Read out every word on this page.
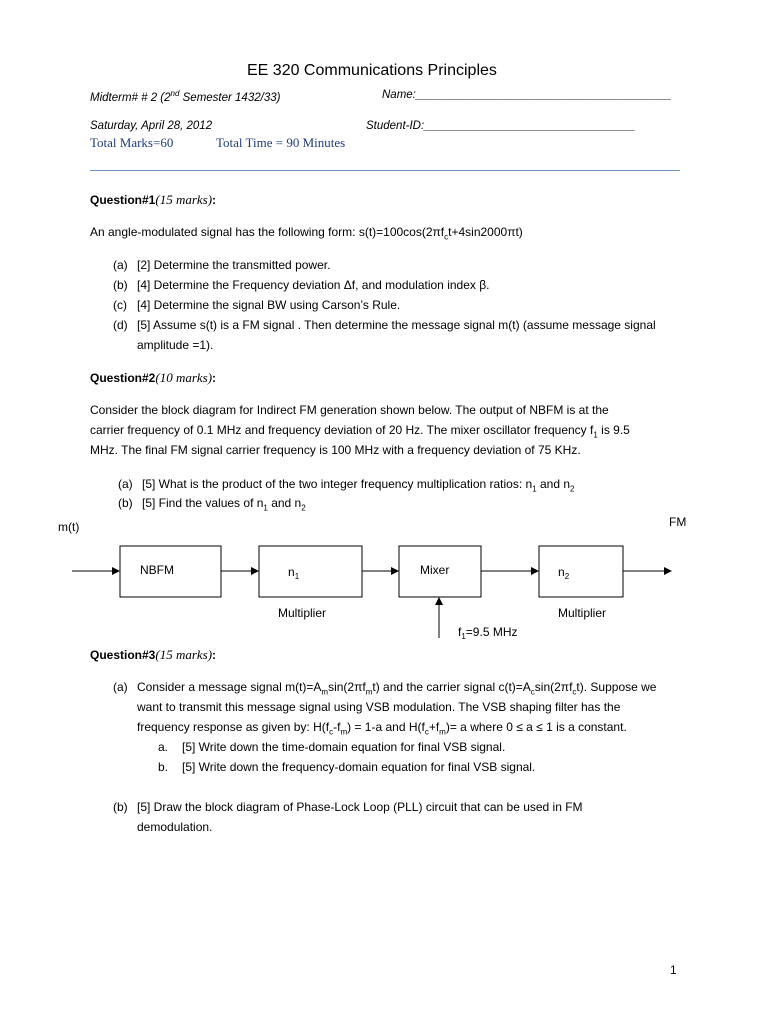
EE 320 Communications Principles
Midterm# # 2 (2nd Semester 1432/33)	Name:________________________________________
Saturday, April 28, 2012	Student-ID:_________________________________
Total Marks=60	Total Time = 90 Minutes
Question#1(15 marks):
An angle-modulated signal has the following form: $s(t)=100\cos(2\pi f_ct+4\sin 2000\pi t)$
(a) [2] Determine the transmitted power.
(b) [4] Determine the Frequency deviation Δf, and modulation index β.
(c) [4] Determine the signal BW using Carson’s Rule.
(d) [5] Assume s(t) is a FM signal . Then determine the message signal m(t) (assume message signal
amplitude =1).
Question#2(10 marks):
Consider the block diagram for Indirect FM generation shown below. The output of NBFM is at the
carrier frequency of 0.1 MHz and frequency deviation of 20 Hz. The mixer oscillator frequency $f_1$ is 9.5
MHz. The final FM signal carrier frequency is 100 MHz with a frequency deviation of 75 KHz.
(a) [5] What is the product of the two integer frequency multiplication ratios: $n_1$ and $n_2$
(b) [5] Find the values of $n_1$ and $n_2$
m(t)	FM
NBFM	$n_1$	Mixer	$n_2$
Multiplier	Multiplier
$f_1=9.5$ MHz
Question#3(15 marks):
(a) Consider a message signal $m(t)=A_m\sin(2\pi f_mt)$ and the carrier signal $c(t)=A_c\sin(2\pi f_ct)$. Suppose we
want to transmit this message signal using VSB modulation. The VSB shaping filter has the
frequency response as given by: $H(f_c-f_m) = 1-a$ and $H(f_c+f_m)= a$ where 0 ≤ a ≤ 1 is a constant.
a. [5] Write down the time-domain equation for final VSB signal.
b. [5] Write down the frequency-domain equation for final VSB signal.
(b) [5] Draw the block diagram of Phase-Lock Loop (PLL) circuit that can be used in FM
demodulation.
1
